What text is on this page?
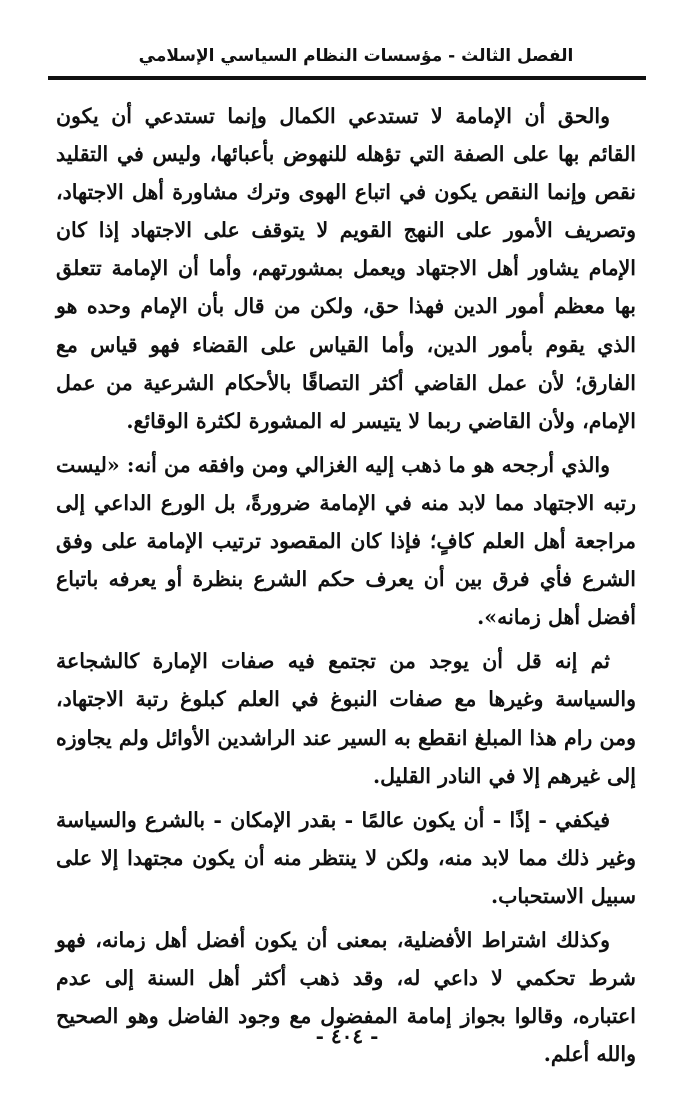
الفصل الثالث - مؤسسات النظام السياسي الإسلامي

والحق أن الإمامة لا تستدعي الكمال وإنما تستدعي أن يكون القائم بها على الصفة التي تؤهله للنهوض بأعبائها، وليس في التقليد نقص وإنما النقص يكون في اتباع الهوى وترك مشاورة أهل الاجتهاد، وتصريف الأمور على النهج القويم لا يتوقف على الاجتهاد إذا كان الإمام يشاور أهل الاجتهاد ويعمل بمشورتهم، وأما أن الإمامة تتعلق بها معظم أمور الدين فهذا حق، ولكن من قال بأن الإمام وحده هو الذي يقوم بأمور الدين، وأما القياس على القضاء فهو قياس مع الفارق؛ لأن عمل القاضي أكثر التصاقًا بالأحكام الشرعية من عمل الإمام، ولأن القاضي ربما لا يتيسر له المشورة لكثرة الوقائع.

والذي أرجحه هو ما ذهب إليه الغزالي ومن وافقه من أنه: «ليست رتبه الاجتهاد مما لابد منه في الإمامة ضرورةً، بل الورع الداعي إلى مراجعة أهل العلم كافٍ؛ فإذا كان المقصود ترتيب الإمامة على وفق الشرع فأي فرق بين أن يعرف حكم الشرع بنظرة أو يعرفه باتباع أفضل أهل زمانه».

ثم إنه قل أن يوجد من تجتمع فيه صفات الإمارة كالشجاعة والسياسة وغيرها مع صفات النبوغ في العلم كبلوغ رتبة الاجتهاد، ومن رام هذا المبلغ انقطع به السير عند الراشدين الأوائل ولم يجاوزه إلى غيرهم إلا في النادر القليل.

فيكفي - إذًا - أن يكون عالمًا - بقدر الإمكان - بالشرع والسياسة وغير ذلك مما لابد منه، ولكن لا ينتظر منه أن يكون مجتهدا إلا على سبيل الاستحباب.

وكذلك اشتراط الأفضلية، بمعنى أن يكون أفضل أهل زمانه، فهو شرط تحكمي لا داعي له، وقد ذهب أكثر أهل السنة إلى عدم اعتباره، وقالوا بجواز إمامة المفضول مع وجود الفاضل وهو الصحيح والله أعلم.

- ٤٠٤ -
